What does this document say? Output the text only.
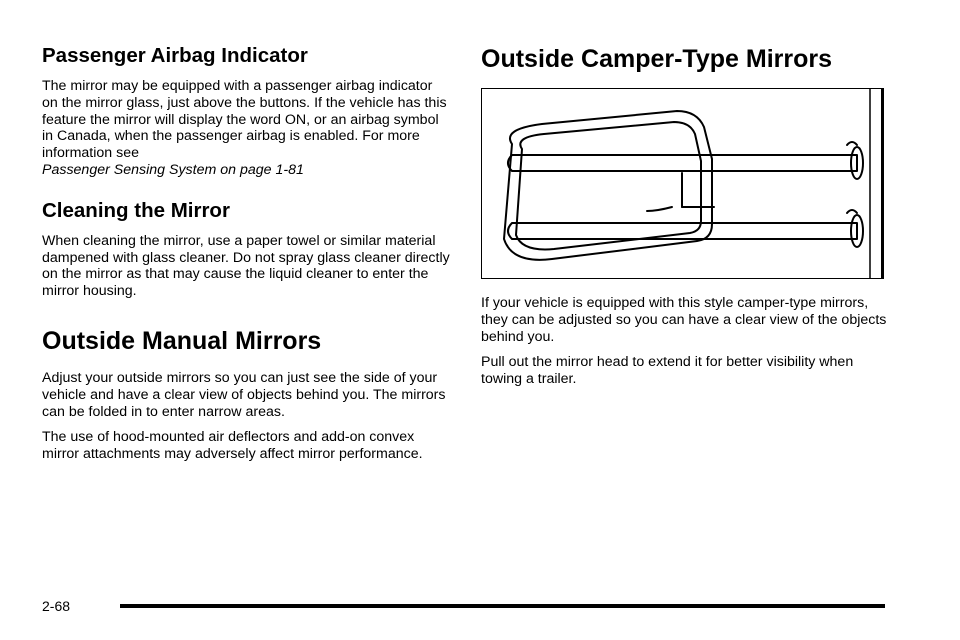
Passenger Airbag Indicator

The mirror may be equipped with a passenger airbag indicator on the mirror glass, just above the buttons. If the vehicle has this feature the mirror will display the word ON, or an airbag symbol in Canada, when the passenger airbag is enabled. For more information see
Passenger Sensing System on page 1-81

Cleaning the Mirror

When cleaning the mirror, use a paper towel or similar material dampened with glass cleaner. Do not spray glass cleaner directly on the mirror as that may cause the liquid cleaner to enter the mirror housing.

Outside Manual Mirrors

Adjust your outside mirrors so you can just see the side of your vehicle and have a clear view of objects behind you. The mirrors can be folded in to enter narrow areas.

The use of hood-mounted air deflectors and add-on convex mirror attachments may adversely affect mirror performance.

Outside Camper-Type Mirrors

If your vehicle is equipped with this style camper-type mirrors, they can be adjusted so you can have a clear view of the objects behind you.

Pull out the mirror head to extend it for better visibility when towing a trailer.

2-68
